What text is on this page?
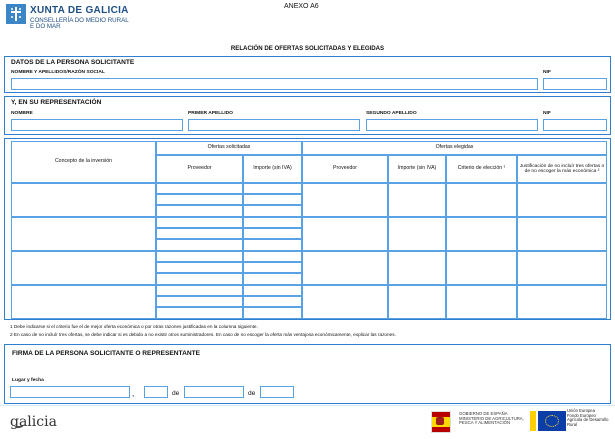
XUNTA DE GALICIA
CONSELLERÍA DO MEDIO RURAL
E DO MAR
ANEXO A6
RELACIÓN DE OFERTAS SOLICITADAS Y ELEGIDAS
DATOS DE LA PERSONA SOLICITANTE
NOMBRE Y APELLIDOS/RAZÓN SOCIAL	NIF
Y, EN SU REPRESENTACIÓN
NOMBRE	PRIMER APELLIDO	SEGUNDO APELLIDO	NIF
Concepto de la inversión
Ofertas solicitadas	Ofertas elegidas
Proveedor	Importe (sin IVA)	Proveedor	Importe (sin IVA)	Criterio de elección ¹	Justificación de no incluír tres ofertas o de no escoger la más económica ²
1 Debe indicarse si el criterio fue el de mejor oferta económica o por otras razones justificadas en la columna siguiente.
2 En caso de no incluír tres ofertas, se debe indicar si es debido a no existir otros suministradores. En caso de no escoger la oferta más ventajosa económicamente, explicar las razones.
FIRMA DE LA PERSONA SOLICITANTE O REPRESENTANTE
Lugar y fecha
,	de	de
galicia
GOBIERNO DE ESPAÑA MINISTERIO DE AGRICULTURA, PESCA Y ALIMENTACIÓN
Unión Europea
Fondo Europeo Agrícola de Desarrollo Rural
